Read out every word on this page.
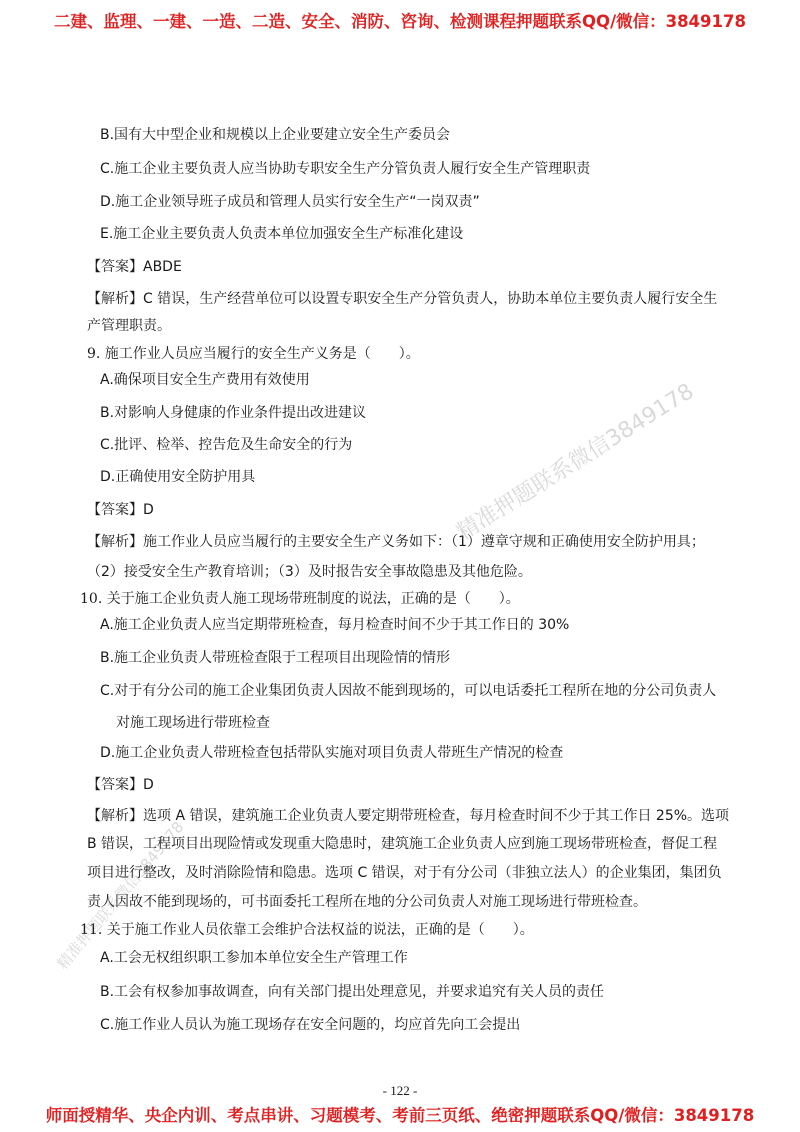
二建、监理、一建、一造、二造、安全、消防、咨询、检测课程押题联系QQ/微信：3849178
B.国有大中型企业和规模以上企业要建立安全生产委员会
C.施工企业主要负责人应当协助专职安全生产分管负责人履行安全生产管理职责
D.施工企业领导班子成员和管理人员实行安全生产“一岗双责”
E.施工企业主要负责人负责本单位加强安全生产标准化建设
【答案】ABDE
【解析】C 错误，生产经营单位可以设置专职安全生产分管负责人，协助本单位主要负责人履行安全生
产管理职责。
9. 施工作业人员应当履行的安全生产义务是（　　）。
A.确保项目安全生产费用有效使用
B.对影响人身健康的作业条件提出改进建议
C.批评、检举、控告危及生命安全的行为
D.正确使用安全防护用具
【答案】D
【解析】施工作业人员应当履行的主要安全生产义务如下：（1）遵章守规和正确使用安全防护用具；
（2）接受安全生产教育培训；（3）及时报告安全事故隐患及其他危险。
10. 关于施工企业负责人施工现场带班制度的说法，正确的是（　　）。
A.施工企业负责人应当定期带班检查，每月检查时间不少于其工作日的 30%
B.施工企业负责人带班检查限于工程项目出现险情的情形
C.对于有分公司的施工企业集团负责人因故不能到现场的，可以电话委托工程所在地的分公司负责人
对施工现场进行带班检查
D.施工企业负责人带班检查包括带队实施对项目负责人带班生产情况的检查
【答案】D
【解析】选项 A 错误，建筑施工企业负责人要定期带班检查，每月检查时间不少于其工作日 25%。选项
B 错误，工程项目出现险情或发现重大隐患时，建筑施工企业负责人应到施工现场带班检查，督促工程
项目进行整改，及时消除险情和隐患。选项 C 错误，对于有分公司（非独立法人）的企业集团，集团负
责人因故不能到现场的，可书面委托工程所在地的分公司负责人对施工现场进行带班检查。
11. 关于施工作业人员依靠工会维护合法权益的说法，正确的是（　　）。
A.工会无权组织职工参加本单位安全生产管理工作
B.工会有权参加事故调查，向有关部门提出处理意见，并要求追究有关人员的责任
C.施工作业人员认为施工现场存在安全问题的，均应首先向工会提出
精准押题联系微信3849178
精准押题联系微信3849178
- 122 -
师面授精华、央企内训、考点串讲、习题模考、考前三页纸、绝密押题联系QQ/微信：3849178
